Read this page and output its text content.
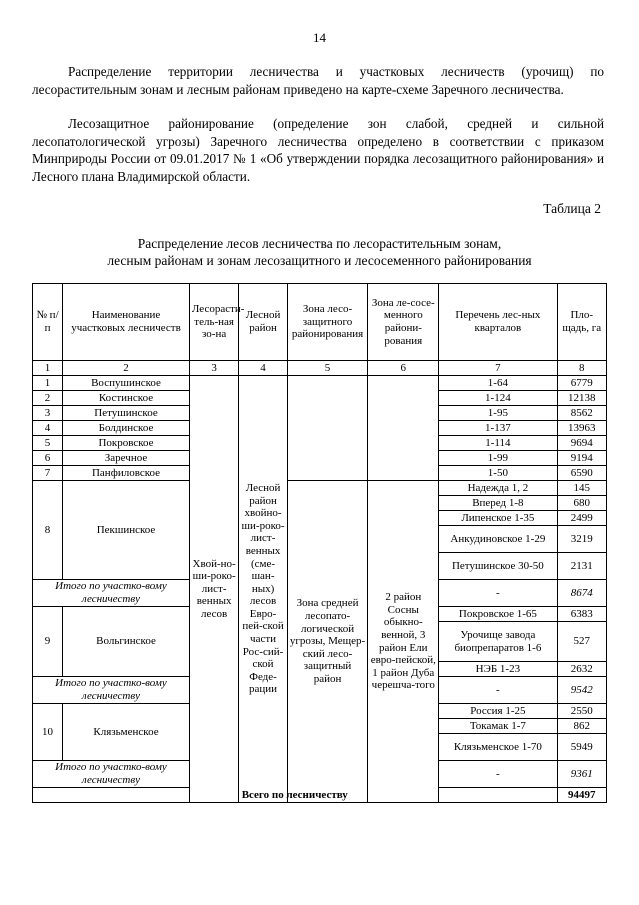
14

Распределение территории лесничества и участковых лесничеств (урочищ) по лесорастительным зонам и лесным районам приведено на карте-схеме Заречного лесничества.

Лесозащитное районирование (определение зон слабой, средней и сильной лесопатологической угрозы) Заречного лесничества определено в соответствии с приказом Минприроды России от 09.01.2017 № 1 «Об утверждении порядка лесозащитного районирования» и Лесного плана Владимирской области.

Таблица 2
Распределение лесов лесничества по лесорастительным зонам,
лесным районам и зонам лесозащитного и лесосеменного районирования
№ п/п	Наименование участковых лесничеств	Лесорасти-тель-ная зо-на	Лесной район	Зона лесо-защитного районирования	Зона ле-сосе-менного райони-рования	Перечень лес-ных кварталов	Пло-щадь, га
1	2	3	4	5	6	7	8
1	Воспушинское	Хвой-но-ши-роко-лист-венных лесов	Лесной район хвойно-ши-роко-лист-венных (сме-шан-ных) лесов Евро-пей-ской части Рос-сий-ской Феде-рации			1-64	6779
2	Костинское					1-124	12138
3	Петушинское					1-95	8562
4	Болдинское					1-137	13963
5	Покровское					1-114	9694
6	Заречное					1-99	9194
7	Панфиловское					1-50	6590
8	Пекшинское			Зона средней лесопато-логической угрозы, Мещер-ский лесо-защитный район	2 район Сосны обыкно-венной, 3 район Ели евро-пейской, 1 район Дуба черешча-того	Надежда 1, 2	145
						Вперед 1-8	680
						Липенское 1-35	2499
						Анкудиновское 1-29	3219
						Петушинское 30-50	2131
Итого по участко-вому лесничеству						-	8674
9	Вольгинское					Покровское 1-65	6383
						Урочище завода биопрепаратов 1-6	527
						НЭБ 1-23	2632
Итого по участко-вому лесничеству						-	9542
10	Клязьменское					Россия 1-25	2550
						Токамак 1-7	862
						Клязьменское 1-70	5949
Итого по участко-вому лесничеству						-	9361
Всего по лесничеству							94497
